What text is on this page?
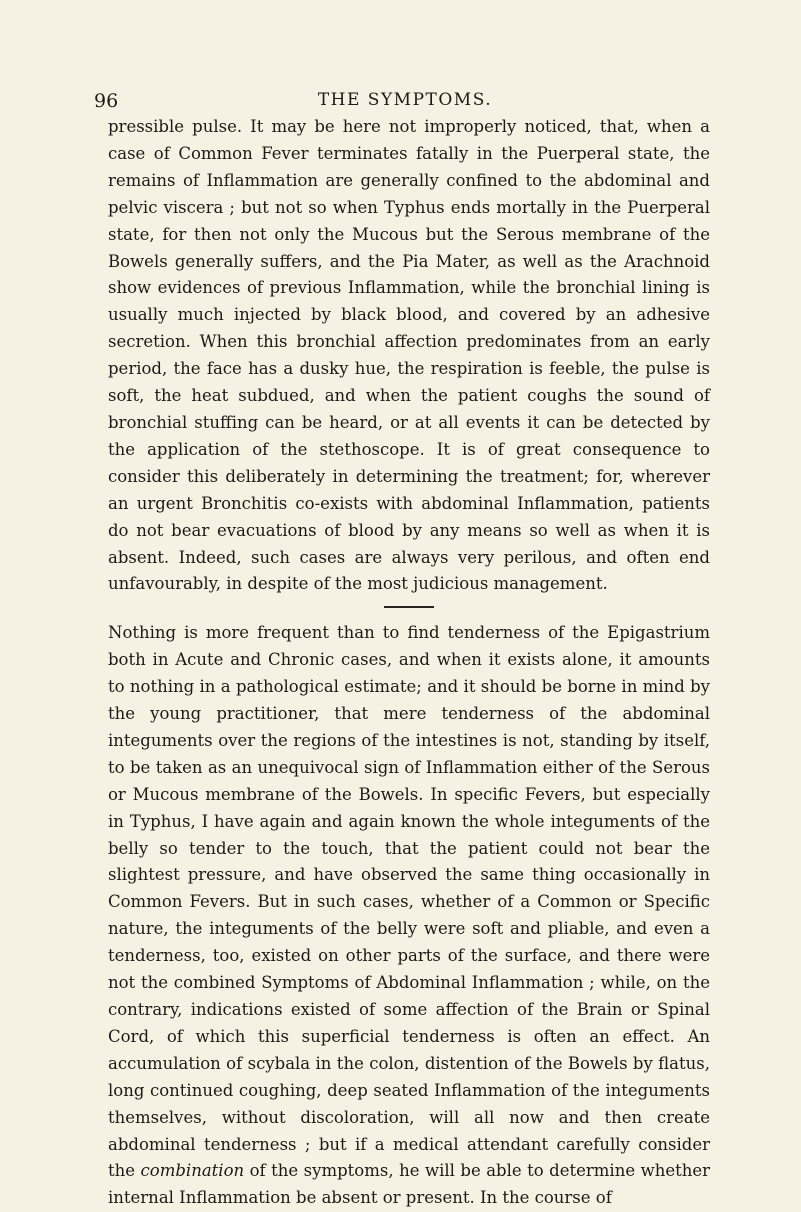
96	THE SYMPTOMS.

pressible pulse. It may be here not improperly noticed, that, when a case of Common Fever terminates fatally in the Puerperal state, the remains of Inflammation are generally confined to the abdominal and pelvic viscera ; but not so when Typhus ends mortally in the Puerperal state, for then not only the Mucous but the Serous membrane of the Bowels generally suffers, and the Pia Mater, as well as the Arachnoid show evidences of previous Inflammation, while the bronchial lining is usually much injected by black blood, and covered by an adhesive secretion. When this bronchial affection predominates from an early period, the face has a dusky hue, the respiration is feeble, the pulse is soft, the heat subdued, and when the patient coughs the sound of bronchial stuffing can be heard, or at all events it can be detected by the application of the stethoscope. It is of great consequence to consider this deliberately in determining the treatment; for, wherever an urgent Bronchitis co-exists with abdominal Inflammation, patients do not bear evacuations of blood by any means so well as when it is absent. Indeed, such cases are always very perilous, and often end unfavourably, in despite of the most judicious management.

Nothing is more frequent than to find tenderness of the Epigastrium both in Acute and Chronic cases, and when it exists alone, it amounts to nothing in a pathological estimate; and it should be borne in mind by the young practitioner, that mere tenderness of the abdominal integuments over the regions of the intestines is not, standing by itself, to be taken as an unequivocal sign of Inflammation either of the Serous or Mucous membrane of the Bowels. In specific Fevers, but especially in Typhus, I have again and again known the whole integuments of the belly so tender to the touch, that the patient could not bear the slightest pressure, and have observed the same thing occasionally in Common Fevers. But in such cases, whether of a Common or Specific nature, the integuments of the belly were soft and pliable, and even a tenderness, too, existed on other parts of the surface, and there were not the combined Symptoms of Abdominal Inflammation ; while, on the contrary, indications existed of some affection of the Brain or Spinal Cord, of which this superficial tenderness is often an effect. An accumulation of scybala in the colon, distention of the Bowels by flatus, long continued coughing, deep seated Inflammation of the integuments themselves, without discoloration, will all now and then create abdominal tenderness ; but if a medical attendant carefully consider the combination of the symptoms, he will be able to determine whether internal Inflammation be absent or present. In the course of
